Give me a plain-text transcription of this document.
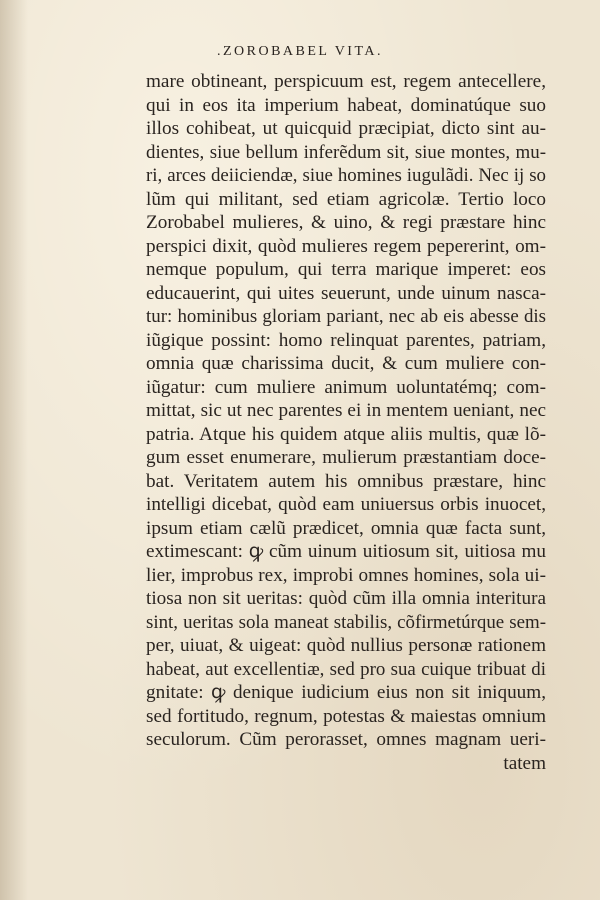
.ZOROBABEL VITA.
mare obtineant, perspicuum est, regem antecellere,
qui in eos ita imperium habeat, dominatúque suo
illos cohibeat, ut quicquid præcipiat, dicto sint au-
dientes, siue bellum inferẽdum sit, siue montes, mu-
ri, arces deiiciendæ, siue homines iugulãdi. Nec ij so
lũm qui militant, sed etiam agricolæ. Tertio loco
Zorobabel mulieres, & uino, & regi præstare hinc
perspici dixit, quòd mulieres regem pepererint, om-
nemque populum, qui terra marique imperet: eos
educauerint, qui uites seuerunt, unde uinum nasca-
tur: hominibus gloriam pariant, nec ab eis abesse dis
iũgique possint: homo relinquat parentes, patriam,
omnia quæ charissima ducit, & cum muliere con-
iũgatur: cum muliere animum uoluntatémq; com-
mittat, sic ut nec parentes ei in mentem ueniant, nec
patria. Atque his quidem atque aliis multis, quæ lõ-
gum esset enumerare, mulierum præstantiam doce-
bat. Veritatem autem his omnibus præstare, hinc
intelligi dicebat, quòd eam uniuersus orbis inuocet,
ipsum etiam cælũ prædicet, omnia quæ facta sunt,
extimescant: ꝙ cũm uinum uitiosum sit, uitiosa mu
lier, improbus rex, improbi omnes homines, sola ui-
tiosa non sit ueritas: quòd cũm illa omnia interitura
sint, ueritas sola maneat stabilis, cõfirmetúrque sem-
per, uiuat, & uigeat: quòd nullius personæ rationem
habeat, aut excellentiæ, sed pro sua cuique tribuat di
gnitate: ꝙ denique iudicium eius non sit iniquum,
sed fortitudo, regnum, potestas & maiestas omnium
seculorum. Cũm perorasset, omnes magnam ueri-
tatem
